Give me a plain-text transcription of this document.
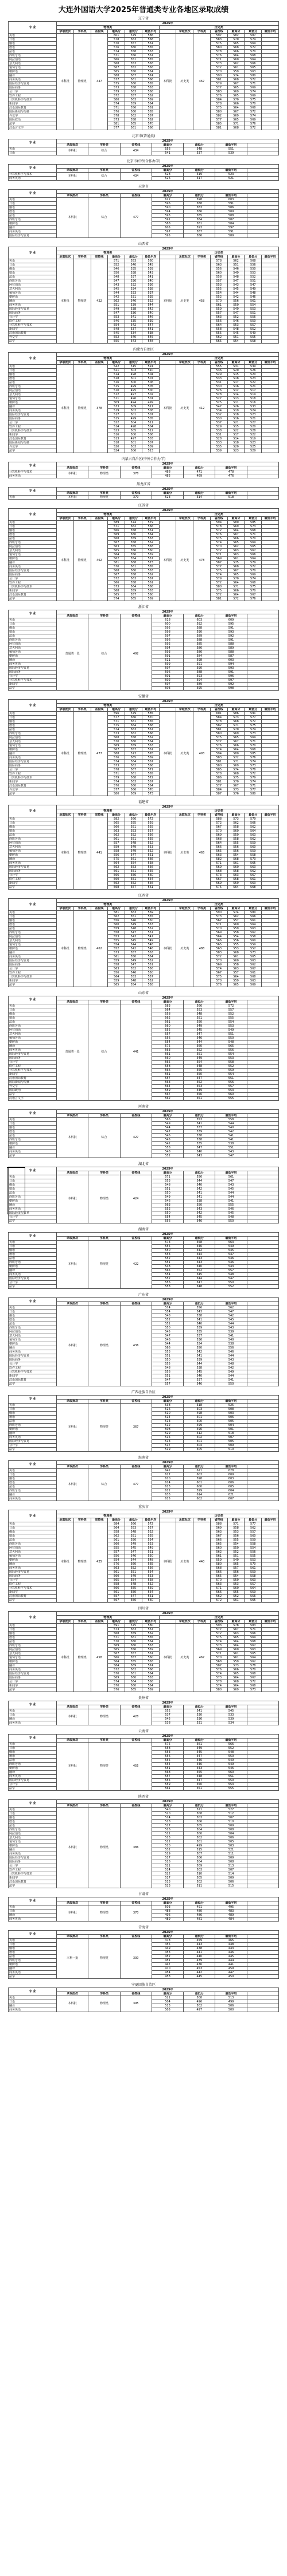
大连外国语大学2025年普通类专业各地区录取成绩
辽宁省
专 业	2025年												
	物理类						历史类						
	录取批次	学科类	省控线	最高分	最低分	最低平均		录取批次	学科类	省控线	最高分	最低分	最低平均
英语	本科批	物理类	447	601	579	586	本科批	历史类	467	597	582	587	
日语				578	563	568				583	570	574	
俄语				570	557	561				575	565	569	
德语				576	560	565				580	568	572	
法语				574	558	563				578	566	570	
西班牙语				571	556	561				576	564	568	
阿拉伯语				566	551	555				571	560	564	
意大利语				568	553	558				573	562	566	
葡萄牙语				567	552	556				572	561	565	
朝鲜语				565	550	554				570	559	563	
翻译				588	567	574				590	574	580	
商务英语				577	561	566				581	568	572	
国际经济与贸易				575	560	565				579	567	571	
国际商务				573	558	563				577	565	569	
会计学				579	563	568				583	569	574	
软件工程				572	557	562				576	565	569	
计算机科学与技术				580	563	569				584	570	575	
新闻学				574	559	564				578	566	570	
汉语国际教育				571	556	561				575	564	568	
国际新闻与传播				576	560	565				580	567	572	
外交学				578	562	567				582	569	574	
国际政治				573	558	562				577	565	569	
法学				581	565	570				585	571	576	
汉语言文学				577	561	566				581	568	572	
北京市(普通类)
专 业	2025年						
	录取批次	学科类	省控线	最高分	最低分	最低平均	
英语	本科批	综合	434	556	548	551	
日语				541	537	539	
北京市(中外合作办学)
专 业	2025年						
	录取批次	学科类	省控线	最高分	最低分	最低平均	
计算机科学与技术	本科批	综合	434	528	519	523	
商务英语				526	517	521	
天津市
专 业	2025年						
	录取批次	学科类	省控线	最高分	最低分	最低平均	
英语	本科批	综合	477	612	598	603	
日语				596	588	591	
俄语				590	583	586	
德语				594	586	589	
法语				593	585	588	
西班牙语				591	584	587	
朝鲜语				588	581	584	
翻译				605	593	597	
商务英语				597	587	591	
国际经济与贸易				595	586	589	
山西省
专 业	2025年												
	物理类						历史类						
	录取批次	学科类	省控线	最高分	最低分	最低平均		录取批次	学科类	省控线	最高分	最低分	最低平均
英语	本科批	物理类	422	571	553	560	本科批	历史类	458	578	562	568	
日语				552	540	545				563	551	556	
俄语				546	535	539				556	546	550	
德语				550	538	543				560	549	553	
法语				548	537	541				558	548	552	
西班牙语				547	536	540				557	547	551	
阿拉伯语				543	532	536				553	543	547	
意大利语				545	534	538				555	545	549	
葡萄牙语				544	533	537				554	544	548	
朝鲜语				542	531	535				552	542	546	
翻译				562	546	552				570	556	561	
商务英语				551	539	544				561	550	554	
国际经济与贸易				549	538	542				559	549	553	
国际商务				547	536	540				557	547	551	
会计学				553	541	546				563	552	556	
软件工程				546	535	539				556	546	550	
计算机科学与技术				554	542	547				564	553	557	
新闻学				548	537	541				558	548	552	
汉语国际教育				545	534	538				555	545	549	
外交学				552	540	545				562	551	555	
法学				555	543	548				565	554	558	
内蒙古自治区
专 业	2025年												
	物理类						历史类						
	录取批次	学科类	省控线	最高分	最低分	最低平均		录取批次	学科类	省控线	最高分	最低分	最低平均
英语	本科批	物理类	378	542	515	524	本科批	历史类	412	555	531	539	
日语				521	503	510				536	520	526	
俄语				514	498	504				529	515	520	
德语				518	501	507				533	518	523	
法语				516	500	506				531	517	522	
西班牙语				515	499	505				530	516	521	
阿拉伯语				510	495	500				526	512	517	
意大利语				512	497	502				528	514	519	
葡萄牙语				511	496	501				527	513	518	
朝鲜语				509	494	499				525	511	516	
翻译				533	509	517				547	526	533	
商务英语				519	502	508				534	519	524	
国际经济与贸易				517	501	507				532	518	523	
国际商务				515	499	505				530	516	521	
会计学				522	504	511				537	521	527	
软件工程				514	498	504				529	515	520	
计算机科学与技术				523	505	512				538	522	528	
新闻学				516	500	506				531	517	522	
汉语国际教育				513	497	503				528	514	519	
国际新闻与传播				518	501	507				533	518	523	
外交学				520	503	509				535	520	525	
法学				524	506	513				539	523	529	
内蒙古自治区(中外合作办学)
专 业	2025年						
	录取批次	学科类	省控线	最高分	最低分	最低平均	
计算机科学与技术	本科批	物理类	378	488	471	478	
商务英语				485	469	476	
黑龙江省
专 业	2025年						
	录取批次	学科类	省控线	最高分	最低分	最低平均	
英语	本科批	物理类	379	523	514	518	
江苏省
专 业	2025年												
	物理类						历史类						
	录取批次	学科类	省控线	最高分	最低分	最低平均		录取批次	学科类	省控线	最高分	最低分	最低平均
英语	本科批	物理类	462	589	574	579	本科批	历史类	478	594	580	585	
日语				571	562	566				578	569	573	
俄语				566	558	561				572	564	568	
德语				569	560	564				576	567	571	
法语				568	559	563				575	566	570	
西班牙语				567	558	562				574	565	569	
阿拉伯语				563	555	558				570	562	565	
意大利语				565	556	560				572	563	567	
葡萄牙语				564	556	559				571	563	566	
朝鲜语				562	554	557				569	561	564	
翻译				581	568	573				587	575	579	
商务英语				570	561	565				577	568	572	
国际经济与贸易				568	560	563				575	567	570	
国际商务				567	558	562				574	565	569	
会计学				572	563	567				579	570	574	
软件工程				566	558	561				572	564	568	
计算机科学与技术				573	564	568				580	571	575	
新闻学				568	559	563				575	566	570	
汉语国际教育				565	557	560				572	564	567	
法学				574	565	569				581	572	576	
浙江省
专 业	2025年						
	录取批次	学科类	省控线	最高分	最低分	最低平均	
英语	普通类一段	综合	492	618	603	609	
日语				600	592	595	
俄语				595	588	591	
德语				598	590	593	
法语				597	589	592	
西班牙语				596	588	591	
阿拉伯语				592	585	588	
意大利语				594	586	589	
葡萄牙语				593	586	588	
朝鲜语				591	584	587	
翻译				611	598	603	
商务英语				599	591	594	
国际经济与贸易				597	590	593	
国际商务				596	588	591	
会计学				601	593	596	
计算机科学与技术				602	594	597	
新闻学				597	589	592	
法学				603	595	598	
安徽省
专 业	2025年												
	物理类						历史类						
	录取批次	学科类	省控线	最高分	最低分	最低平均		录取批次	学科类	省控线	最高分	最低分	最低平均
英语	本科批	物理类	477	596	579	585	本科批	历史类	493	601	586	591	
日语				577	566	570				584	573	577	
俄语				571	561	565				578	568	572	
德语				575	564	568				582	571	575	
法语				574	563	567				581	570	574	
西班牙语				573	562	566				580	569	573	
阿拉伯语				568	558	562				575	565	569	
意大利语				570	560	564				577	567	571	
葡萄牙语				569	559	563				576	566	570	
朝鲜语				567	557	561				574	564	568	
翻译				588	573	578				594	580	585	
商务英语				576	565	569				583	572	576	
国际经济与贸易				574	564	567				581	571	574	
国际商务				573	562	566				580	569	573	
会计学				578	567	571				585	574	578	
软件工程				571	561	565				578	568	572	
计算机科学与技术				579	568	572				586	575	579	
新闻学				574	563	567				581	570	574	
汉语国际教育				570	560	564				577	567	571	
外交学				577	566	570				584	573	577	
法学				580	569	573				587	576	580	
福建省
专 业	2025年												
	物理类						历史类						
	录取批次	学科类	省控线	最高分	最低分	最低平均		录取批次	学科类	省控线	最高分	最低分	最低平均
英语	本科批	物理类	441	582	566	572	本科批	历史类	465	588	573	579	
日语				565	555	559				572	562	566	
俄语				560	551	555				567	558	562	
德语				563	553	557				570	560	564	
法语				562	552	556				569	559	563	
西班牙语				561	551	555				568	558	562	
阿拉伯语				557	548	552				564	555	559	
意大利语				559	549	553				566	556	560	
葡萄牙语				558	549	552				565	556	559	
朝鲜语				556	547	551				563	554	558	
翻译				575	561	566				582	568	573	
商务英语				564	554	558				571	561	565	
国际经济与贸易				562	553	556				569	560	563	
国际商务				561	551	555				568	558	562	
会计学				566	556	560				573	563	567	
软件工程				560	551	554				567	558	561	
新闻学				562	552	556				569	559	563	
法学				568	557	561				575	564	568	
江西省
专 业	2025年												
	物理类						历史类						
	录取批次	学科类	省控线	最高分	最低分	最低平均		录取批次	学科类	省控线	最高分	最低分	最低平均
英语	本科批	物理类	462	581	563	569	本科批	历史类	488	590	574	580	
日语				562	551	555				573	562	566	
俄语				556	546	550				567	557	561	
德语				560	549	553				571	560	564	
法语				559	548	552				570	559	563	
西班牙语				558	547	551				569	558	562	
阿拉伯语				553	543	547				564	554	558	
意大利语				555	545	549				566	556	560	
葡萄牙语				554	544	548				565	555	559	
朝鲜语				552	542	546				563	553	557	
翻译				573	557	563				583	568	573	
商务英语				561	550	554				572	561	565	
国际经济与贸易				559	549	552				570	560	563	
国际商务				558	547	551				569	558	562	
会计学				563	552	556				574	563	567	
软件工程				556	546	550				567	557	561	
计算机科学与技术				564	553	557				575	564	568	
新闻学				559	548	552				570	559	563	
法学				565	554	558				576	565	569	
山东省
专 业	2025年						
	录取批次	学科类	省控线	最高分	最低分	最低平均	
英语	普通类一段	综合	441	583	566	572	
日语				564	553	557	
俄语				558	548	552	
德语				562	551	555	
法语				561	550	554	
西班牙语				560	549	553	
阿拉伯语				555	545	549	
意大利语				557	547	551	
葡萄牙语				556	546	550	
朝鲜语				554	544	548	
翻译				575	560	565	
商务英语				563	552	556	
国际经济与贸易				561	551	554	
国际商务				560	549	553	
会计学				565	554	558	
软件工程				558	548	552	
计算机科学与技术				566	555	559	
新闻学				561	550	554	
汉语国际教育				557	547	551	
国际新闻与传播				563	552	556	
外交学				564	553	557	
国际政治				559	549	553	
法学				567	556	560	
汉语言文学				562	551	555	
河南省
专 业	2025年						
	录取批次	学科类	省控线	最高分	最低分	最低平均	
英语	本科批	综合	427	566	553	558	
日语				549	541	544	
俄语				544	537	540	
德语				547	539	542	
法语				546	538	541	
西班牙语				545	538	541	
朝鲜语				542	535	538	
翻译				558	547	551	
商务英语				548	540	543	
法学				552	543	547	
湖北省
专 业	2025年						
	录取批次	学科类	省控线	最高分	最低分	最低平均	
英语	本科批	物理类	424	571	556	561	
日语				553	544	547	
俄语				548	540	543	
德语				551	542	545	
法语				550	541	544	
西班牙语				549	541	544	
朝鲜语				546	538	541	
翻译				563	550	555	
商务英语				552	543	546	
国际经济与贸易				550	542	545	
会计学				554	545	548	
法学				556	546	550	
湖南省
专 业	2025年						
	录取批次	学科类	省控线	最高分	最低分	最低平均	
英语	本科批	物理类	422	573	558	563	
日语				555	546	549	
俄语				550	542	545	
德语				553	544	547	
法语				552	543	546	
西班牙语				551	543	546	
朝鲜语				548	540	543	
翻译				565	552	557	
商务英语				554	545	548	
国际经济与贸易				552	544	547	
会计学				556	547	550	
法学				558	548	552	
广东省
专 业	2025年						
	录取批次	学科类	省控线	最高分	最低分	最低平均	
英语	本科批	物理类	436	574	556	562	
日语				554	543	547	
俄语				548	538	542	
德语				552	541	545	
法语				551	540	544	
西班牙语				550	539	543	
阿拉伯语				545	535	539	
意大利语				547	537	541	
葡萄牙语				546	536	540	
朝鲜语				544	534	538	
翻译				566	550	556	
商务英语				553	542	546	
国际经济与贸易				551	541	544	
国际商务				550	539	543	
会计学				555	544	548	
软件工程				548	538	542	
计算机科学与技术				556	545	549	
新闻学				551	540	544	
汉语国际教育				547	537	541	
法学				557	546	550	
广西壮族自治区
专 业	2025年						
	录取批次	学科类	省控线	最高分	最低分	最低平均	
英语	本科批	物理类	367	538	518	525	
日语				516	503	508	
俄语				510	498	503	
德语				514	501	506	
法语				513	500	505	
西班牙语				512	499	504	
朝鲜语				508	496	501	
翻译				529	512	518	
商务英语				515	502	507	
国际经济与贸易				513	501	505	
会计学				517	504	509	
法学				519	505	510	
海南省
专 业	2025年						
	录取批次	学科类	省控线	最高分	最低分	最低平均	
英语	本科批	综合	477	642	621	628	
日语				617	603	609	
俄语				610	598	603	
德语				614	601	606	
法语				613	600	605	
西班牙语				612	599	604	
翻译				633	614	621	
商务英语				615	602	607	
重庆市
专 业	2025年												
	物理类						历史类						
	录取批次	学科类	省控线	最高分	最低分	最低平均		录取批次	学科类	省控线	最高分	最低分	最低平均
英语	本科批	物理类	425	584	566	572	本科批	历史类	440	588	571	577	
日语				564	553	557				569	558	562	
俄语				558	548	552				563	553	557	
德语				562	551	555				567	556	560	
法语				561	550	554				566	555	559	
西班牙语				560	549	553				565	554	558	
阿拉伯语				555	545	549				560	550	554	
意大利语				557	547	551				562	552	556	
葡萄牙语				556	546	550				561	551	555	
朝鲜语				554	544	548				559	549	553	
翻译				576	560	565				580	565	570	
商务英语				563	552	556				568	557	561	
国际经济与贸易				561	551	554				566	556	559	
国际商务				560	549	553				565	554	558	
会计学				565	554	558				570	559	563	
软件工程				558	548	552				563	553	557	
计算机科学与技术				566	555	559				571	560	564	
新闻学				561	550	554				566	555	559	
汉语国际教育				557	547	551				562	552	556	
法学				567	556	560				572	561	565	
四川省
专 业	2025年												
	物理类						历史类						
	录取批次	学科类	省控线	最高分	最低分	最低平均		录取批次	学科类	省控线	最高分	最低分	最低平均
英语	本科批	物理类	458	591	575	580	本科批	历史类	467	593	578	583	
日语				573	563	567				577	567	571	
俄语				568	559	562				572	563	566	
德语				571	561	565				575	565	569	
法语				570	560	564				574	564	568	
西班牙语				569	560	563				573	564	567	
阿拉伯语				565	556	559				569	560	563	
意大利语				567	557	561				571	561	565	
葡萄牙语				566	557	560				570	561	564	
朝鲜语				564	555	558				568	559	562	
翻译				584	569	574				587	573	578	
商务英语				572	562	566				576	566	570	
国际经济与贸易				570	561	564				574	565	568	
国际商务				569	560	563				573	564	567	
会计学				574	564	568				578	568	572	
新闻学				570	560	564				574	564	568	
法学				576	565	569				580	569	573	
贵州省
专 业	2025年						
	录取批次	学科类	省控线	最高分	最低分	最低平均	
英语	本科批	物理类	428	552	541	545	
日语				537	530	533	
翻译				545	536	539	
商务英语				538	531	534	
云南省
专 业	2025年						
	录取批次	学科类	省控线	最高分	最低分	最低平均	
英语	本科批	物理类	455	575	561	566	
日语				558	549	552	
俄语				553	545	548	
德语				556	547	550	
法语				555	546	549	
西班牙语				554	546	549	
朝鲜语				551	543	546	
翻译				568	555	560	
商务英语				557	548	551	
国际经济与贸易				555	547	550	
会计学				559	550	553	
法学				561	551	555	
陕西省
专 业	2025年						
	录取批次	学科类	省控线	最高分	最低分	最低平均	
英语	本科批	物理类	386	540	521	527	
日语				520	508	512	
俄语				514	503	507	
德语				518	506	510	
法语				517	505	509	
西班牙语				516	504	508	
阿拉伯语				511	500	504	
意大利语				513	502	506	
葡萄牙语				512	501	505	
朝鲜语				510	499	503	
翻译				532	515	521	
商务英语				519	507	511	
国际经济与贸易				517	506	509	
国际商务				516	504	508	
会计学				521	509	513	
软件工程				514	503	507	
计算机科学与技术				522	510	514	
新闻学				517	505	509	
汉语国际教育				513	502	506	
法学				523	511	515	
甘肃省
专 业	2025年						
	录取批次	学科类	省控线	最高分	最低分	最低平均	
英语	本科批	物理类	370	503	491	495	
日语				488	480	483	
翻译				496	486	489	
商务英语				489	481	484	
青海省
专 业	2025年						
	录取批次	学科类	省控线	最高分	最低分	最低平均	
英语	本科一批	物理类	330	478	459	465	
日语				455	443	448	
俄语				449	438	443	
德语				453	441	446	
法语				452	440	445	
西班牙语				451	439	444	
朝鲜语				447	436	441	
翻译				470	453	459	
商务英语				454	442	447	
法学				458	445	450	
宁夏回族自治区
专 业	2025年						
	录取批次	学科类	省控线	最高分	最低分	最低平均	
英语	本科批	物理类	395	521	508	513	
日语				504	496	499	
翻译				513	502	506	
商务英语				505	497	500	
